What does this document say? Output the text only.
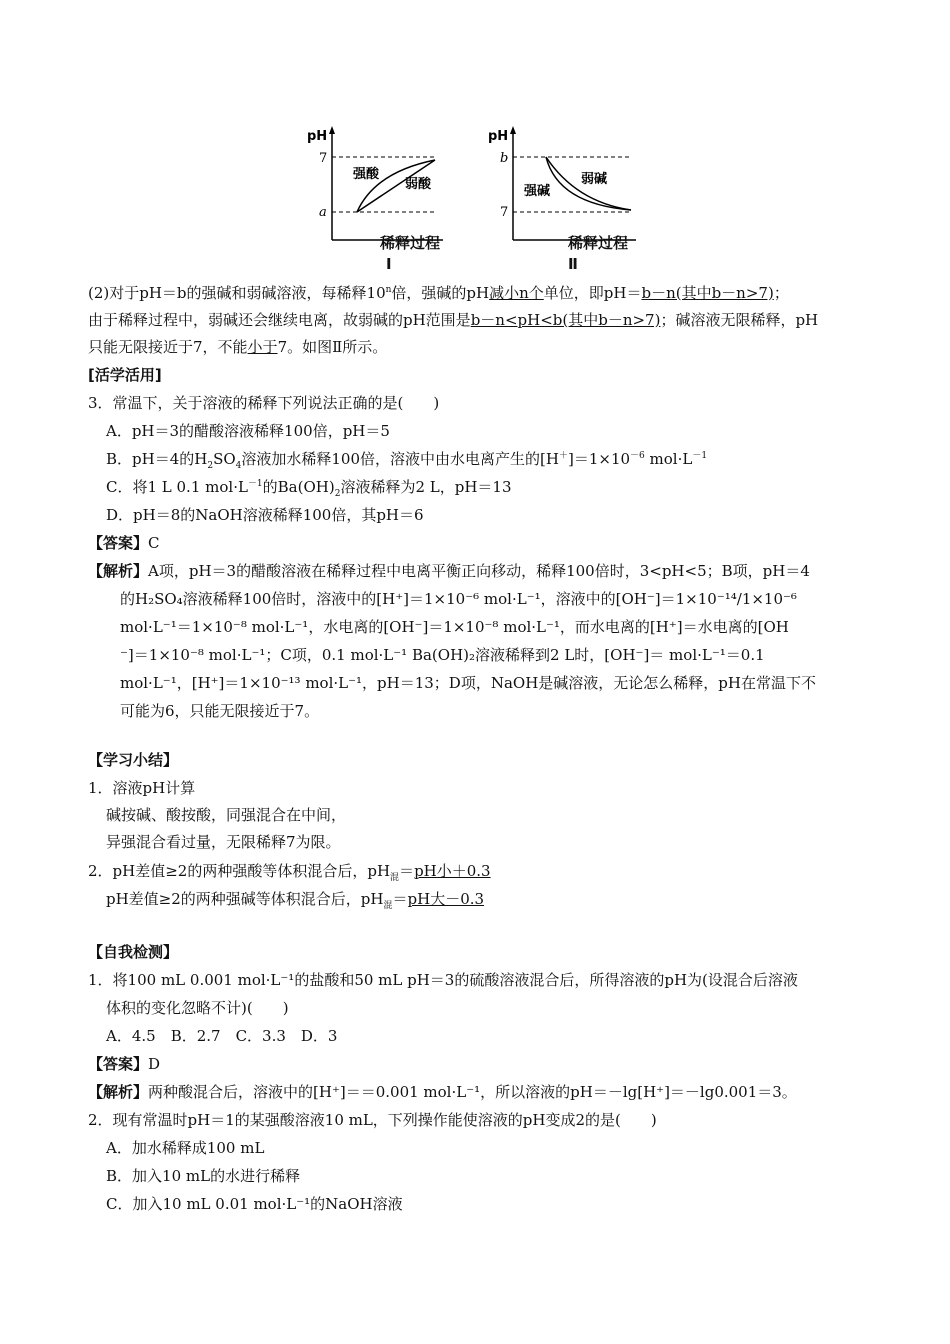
pH
7
a
强酸
弱酸
稀释过程
Ⅰ
pH
b
7
强碱
弱碱
稀释过程
Ⅱ
(2)对于pH＝b的强碱和弱碱溶液，每稀释10$^n$倍，强碱的pH减小n个单位，即pH＝b－n(其中b－n>7)；
由于稀释过程中，弱碱还会继续电离，故弱碱的pH范围是b－n<pH<b(其中b－n>7)；碱溶液无限稀释，pH
只能无限接近于7，不能小于7。如图Ⅱ所示。
[活学活用]
3．常温下，关于溶液的稀释下列说法正确的是(　　)
A．pH＝3的醋酸溶液稀释100倍，pH＝5
B．pH＝4的$H_2SO_4$溶液加水稀释100倍，溶液中由水电离产生的$[H^+]=1\times 10^{-6}$ $mol\cdot L^{-1}$
C．将1 L 0.1 $mol\cdot L^{-1}$的$Ba(OH)_2$溶液稀释为2 L，pH＝13
D．pH＝8的NaOH溶液稀释100倍，其pH＝6
【答案】C
【解析】A项，pH＝3的醋酸溶液在稀释过程中电离平衡正向移动，稀释100倍时，3<pH<5；B项，pH＝4
的H₂SO₄溶液稀释100倍时，溶液中的[H⁺]＝1×10⁻⁶ mol·L⁻¹，溶液中的[OH⁻]＝1×10⁻¹⁴/1×10⁻⁶
mol·L⁻¹＝1×10⁻⁸ mol·L⁻¹，水电离的[OH⁻]＝1×10⁻⁸ mol·L⁻¹，而水电离的[H⁺]＝水电离的[OH
⁻]＝1×10⁻⁸ mol·L⁻¹；C项，0.1 mol·L⁻¹ Ba(OH)₂溶液稀释到2 L时，[OH⁻]＝ mol·L⁻¹＝0.1
mol·L⁻¹，[H⁺]＝1×10⁻¹³ mol·L⁻¹，pH＝13；D项，NaOH是碱溶液，无论怎么稀释，pH在常温下不
可能为6，只能无限接近于7。
【学习小结】
1．溶液pH计算
碱按碱、酸按酸，同强混合在中间，
异强混合看过量，无限稀释7为限。
2．pH差值≥2的两种强酸等体积混合后，$pH_混=pH$小＋0.3
pH差值≥2的两种强碱等体积混合后，$pH_混=pH$大－0.3
【自我检测】
1．将100 mL 0.001 mol·L⁻¹的盐酸和50 mL pH＝3的硫酸溶液混合后，所得溶液的pH为(设混合后溶液
体积的变化忽略不计)(　　)
A．4.5　B．2.7　C．3.3　D．3
【答案】D
【解析】两种酸混合后，溶液中的[H⁺]＝＝0.001 mol·L⁻¹，所以溶液的pH＝－lg[H⁺]＝－lg0.001＝3。
2．现有常温时pH＝1的某强酸溶液10 mL，下列操作能使溶液的pH变成2的是(　　)
A．加水稀释成100 mL
B．加入10 mL的水进行稀释
C．加入10 mL 0.01 mol·L⁻¹的NaOH溶液
